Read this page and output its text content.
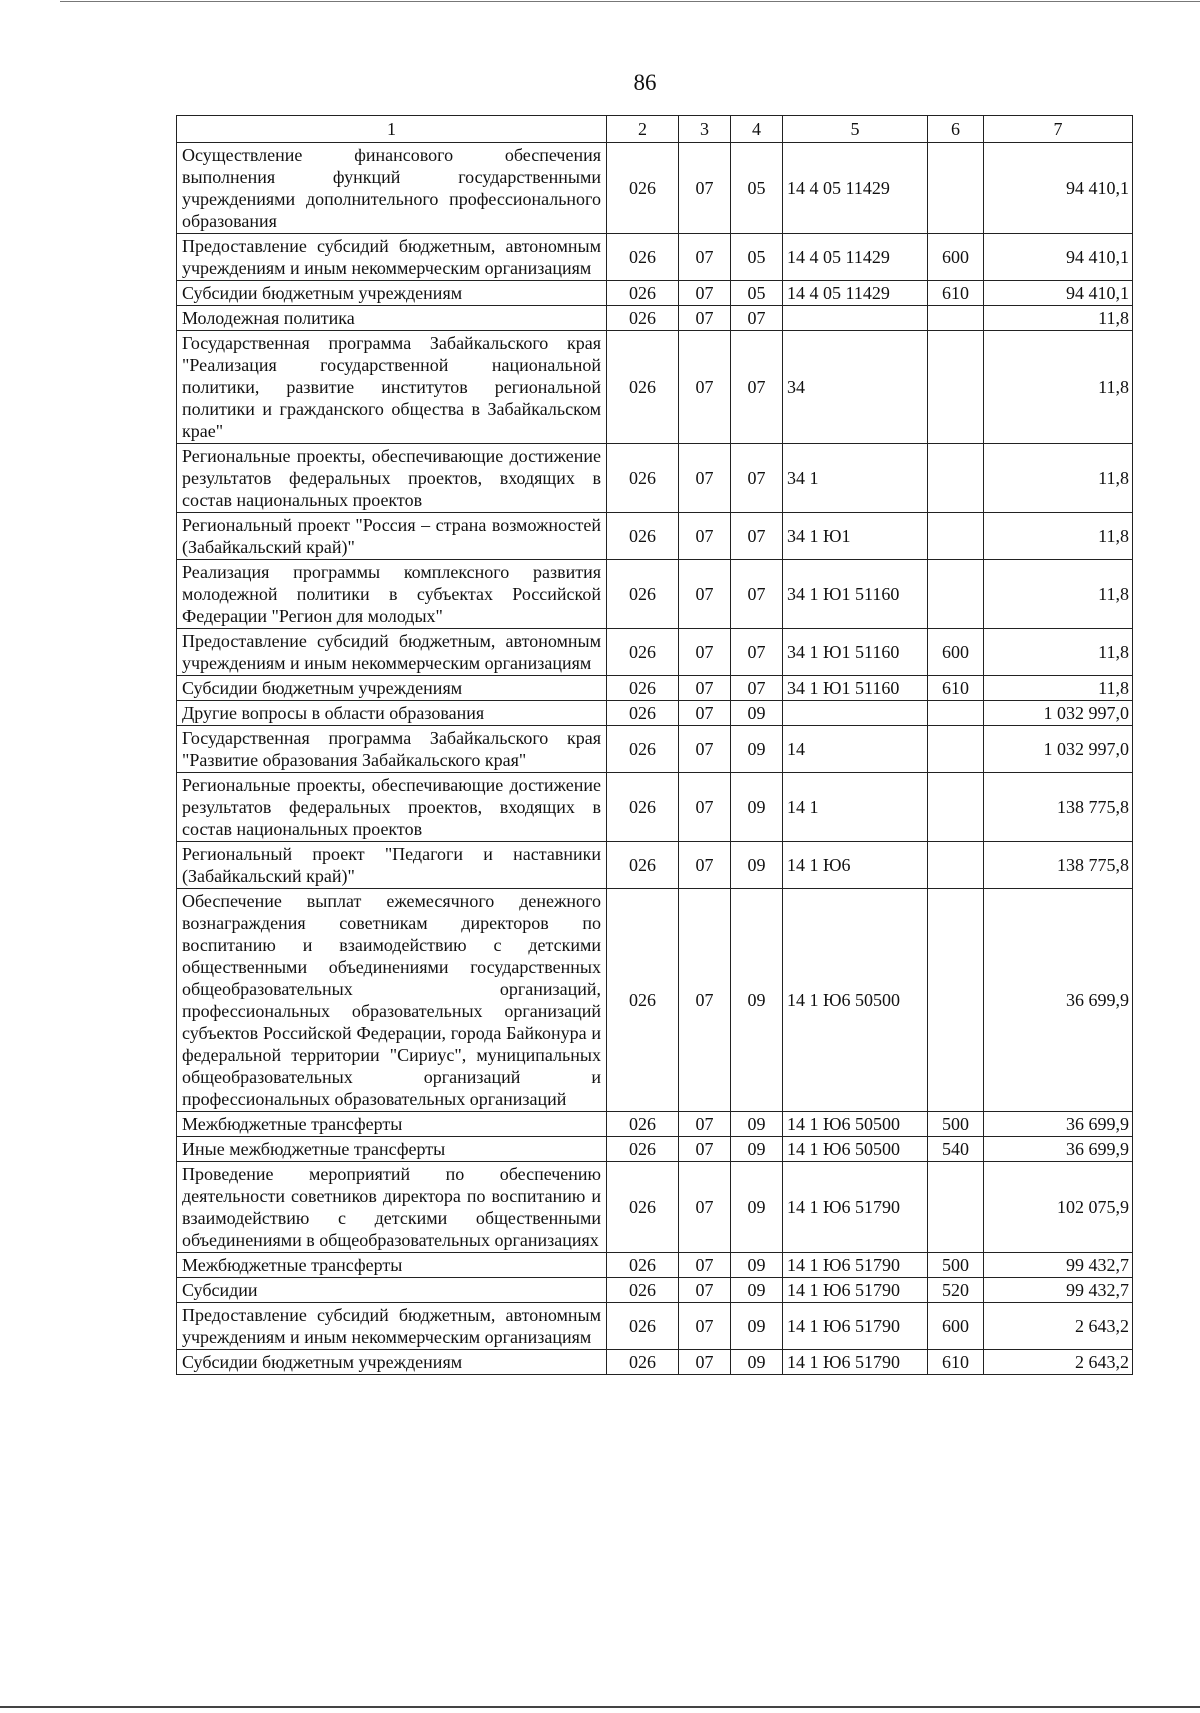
86
1	2	3	4	5	6	7
Осуществление финансового обеспечения выполнения функций государственными учреждениями дополнительного профессионального образования	026	07	05	14 4 05 11429		94 410,1
Предоставление субсидий бюджетным, автономным учреждениям и иным некоммерческим организациям	026	07	05	14 4 05 11429	600	94 410,1
Субсидии бюджетным учреждениям	026	07	05	14 4 05 11429	610	94 410,1
Молодежная политика	026	07	07			11,8
Государственная программа Забайкальского края "Реализация государственной национальной политики, развитие институтов региональной политики и гражданского общества в Забайкальском крае"	026	07	07	34		11,8
Региональные проекты, обеспечивающие достижение результатов федеральных проектов, входящих в состав национальных проектов	026	07	07	34 1		11,8
Региональный проект "Россия – страна возможностей (Забайкальский край)"	026	07	07	34 1 Ю1		11,8
Реализация программы комплексного развития молодежной политики в субъектах Российской Федерации "Регион для молодых"	026	07	07	34 1 Ю1 51160		11,8
Предоставление субсидий бюджетным, автономным учреждениям и иным некоммерческим организациям	026	07	07	34 1 Ю1 51160	600	11,8
Субсидии бюджетным учреждениям	026	07	07	34 1 Ю1 51160	610	11,8
Другие вопросы в области образования	026	07	09			1 032 997,0
Государственная программа Забайкальского края "Развитие образования Забайкальского края"	026	07	09	14		1 032 997,0
Региональные проекты, обеспечивающие достижение результатов федеральных проектов, входящих в состав национальных проектов	026	07	09	14 1		138 775,8
Региональный проект "Педагоги и наставники (Забайкальский край)"	026	07	09	14 1 Ю6		138 775,8
Обеспечение выплат ежемесячного денежного вознаграждения советникам директоров по воспитанию и взаимодействию с детскими общественными объединениями государственных общеобразовательных организаций, профессиональных образовательных организаций субъектов Российской Федерации, города Байконура и федеральной территории "Сириус", муниципальных общеобразовательных организаций и профессиональных образовательных организаций	026	07	09	14 1 Ю6 50500		36 699,9
Межбюджетные трансферты	026	07	09	14 1 Ю6 50500	500	36 699,9
Иные межбюджетные трансферты	026	07	09	14 1 Ю6 50500	540	36 699,9
Проведение мероприятий по обеспечению деятельности советников директора по воспитанию и взаимодействию с детскими общественными объединениями в общеобразовательных организациях	026	07	09	14 1 Ю6 51790		102 075,9
Межбюджетные трансферты	026	07	09	14 1 Ю6 51790	500	99 432,7
Субсидии	026	07	09	14 1 Ю6 51790	520	99 432,7
Предоставление субсидий бюджетным, автономным учреждениям и иным некоммерческим организациям	026	07	09	14 1 Ю6 51790	600	2 643,2
Субсидии бюджетным учреждениям	026	07	09	14 1 Ю6 51790	610	2 643,2
